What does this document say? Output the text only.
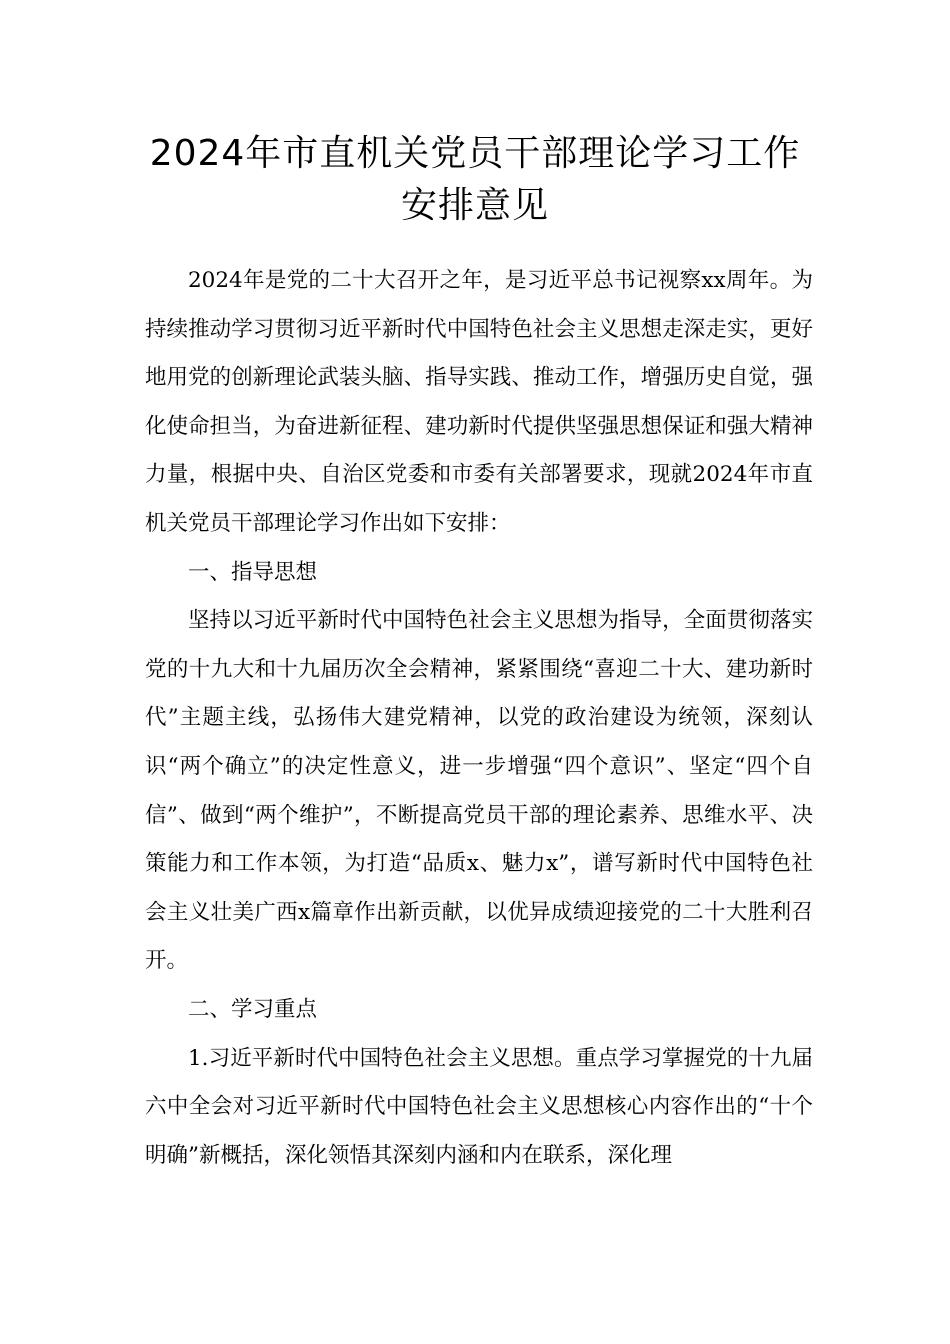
2024年市直机关党员干部理论学习工作
安排意见

2024年是党的二十大召开之年，是习近平总书记视察xx周年。为持续推动学习贯彻习近平新时代中国特色社会主义思想走深走实，更好地用党的创新理论武装头脑、指导实践、推动工作，增强历史自觉，强化使命担当，为奋进新征程、建功新时代提供坚强思想保证和强大精神力量，根据中央、自治区党委和市委有关部署要求，现就2024年市直机关党员干部理论学习作出如下安排：

一、指导思想

坚持以习近平新时代中国特色社会主义思想为指导，全面贯彻落实党的十九大和十九届历次全会精神，紧紧围绕“喜迎二十大、建功新时代”主题主线，弘扬伟大建党精神，以党的政治建设为统领，深刻认识“两个确立”的决定性意义，进一步增强“四个意识”、坚定“四个自信”、做到“两个维护”，不断提高党员干部的理论素养、思维水平、决策能力和工作本领，为打造“品质x、魅力x”，谱写新时代中国特色社会主义壮美广西x篇章作出新贡献，以优异成绩迎接党的二十大胜利召开。

二、学习重点

1.习近平新时代中国特色社会主义思想。重点学习掌握党的十九届六中全会对习近平新时代中国特色社会主义思想核心内容作出的“十个明确”新概括，深化领悟其深刻内涵和内在联系，深化理
